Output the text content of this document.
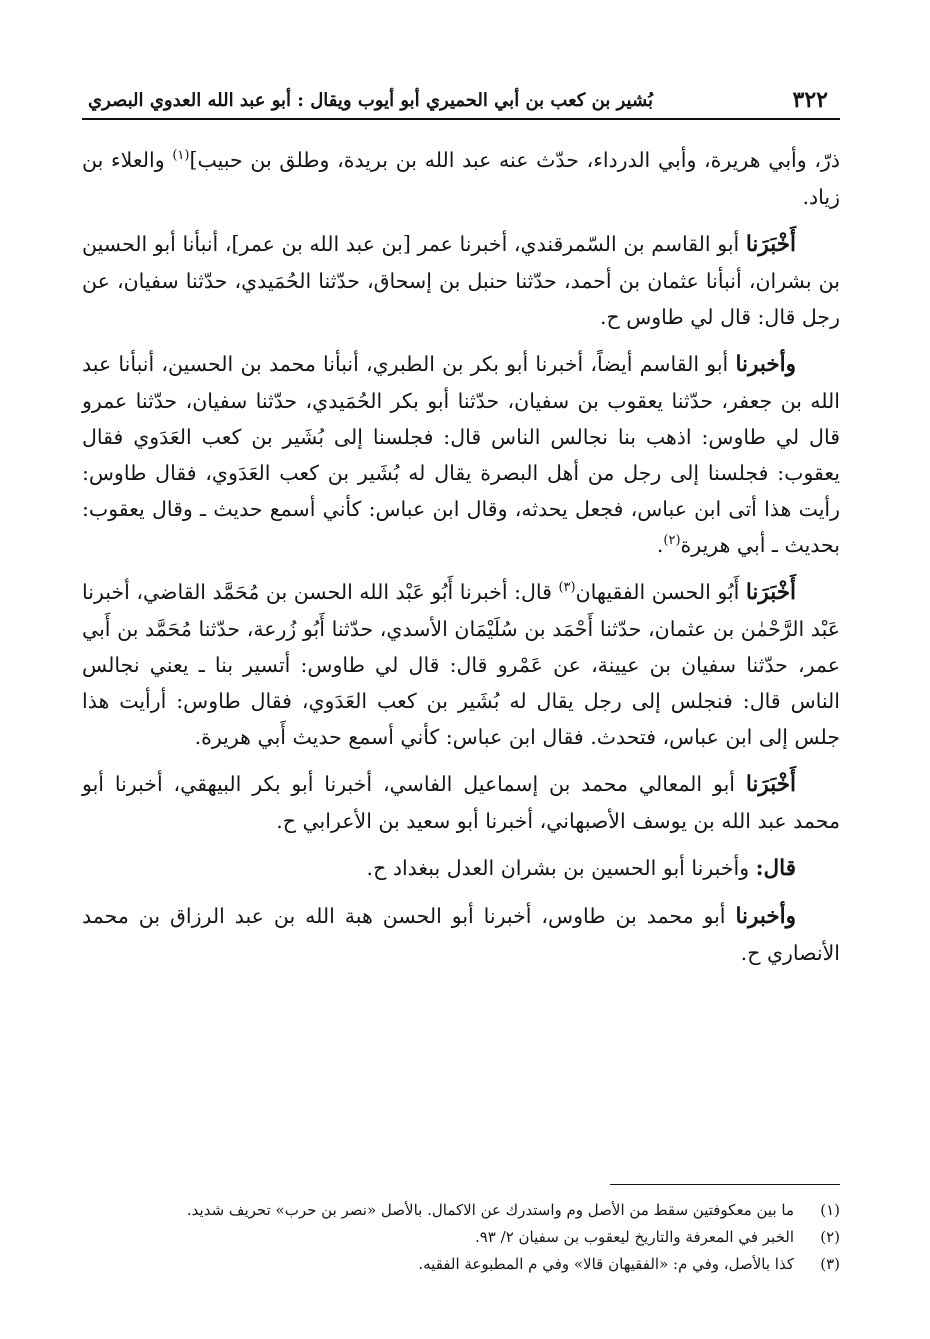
٣٢٢
بُشير بن كعب بن أبي الحميري أبو أيوب ويقال : أبو عبد الله العدوي البصري

ذرّ، وأبي هريرة، وأبي الدرداء، حدّث عنه عبد الله بن بريدة، وطلق بن حبيب]$^{(١)}$ والعلاء بن زياد.

أَخْبَرَنا أبو القاسم بن السّمرقندي، أخبرنا عمر [بن عبد الله بن عمر]، أنبأنا أبو الحسين بن بشران، أنبأنا عثمان بن أحمد، حدّثنا حنبل بن إسحاق، حدّثنا الحُمَيدي، حدّثنا سفيان، عن رجل قال: قال لي طاوس ح.

وأخبرنا أبو القاسم أيضاً، أخبرنا أبو بكر بن الطبري، أنبأنا محمد بن الحسين، أنبأنا عبد الله بن جعفر، حدّثنا يعقوب بن سفيان، حدّثنا أبو بكر الحُمَيدي، حدّثنا سفيان، حدّثنا عمرو قال لي طاوس: اذهب بنا نجالس الناس قال: فجلسنا إلى بُشَير بن كعب العَدَوي فقال يعقوب: فجلسنا إلى رجل من أهل البصرة يقال له بُشَير بن كعب العَدَوي، فقال طاوس: رأيت هذا أتى ابن عباس، فجعل يحدثه، وقال ابن عباس: كأني أسمع حديث ـ وقال يعقوب: بحديث ـ أبي هريرة$^{(٢)}$.

أَخْبَرَنا أَبُو الحسن الفقيهان$^{(٣)}$ قال: أخبرنا أَبُو عَبْد الله الحسن بن مُحَمَّد القاضي، أخبرنا عَبْد الرَّحْمٰن بن عثمان، حدّثنا أَحْمَد بن سُلَيْمَان الأسدي، حدّثنا أَبُو زُرعة، حدّثنا مُحَمَّد بن أَبي عمر، حدّثنا سفيان بن عيينة، عن عَمْرو قال: قال لي طاوس: أتسير بنا ـ يعني نجالس الناس قال: فنجلس إلى رجل يقال له بُشَير بن كعب العَدَوي، فقال طاوس: أرأيت هذا جلس إلى ابن عباس، فتحدث. فقال ابن عباس: كأني أسمع حديث أَبي هريرة.

أَخْبَرَنا أبو المعالي محمد بن إسماعيل الفاسي، أخبرنا أبو بكر البيهقي، أخبرنا أبو محمد عبد الله بن يوسف الأصبهاني، أخبرنا أبو سعيد بن الأعرابي ح.

قال: وأخبرنا أبو الحسين بن بشران العدل ببغداد ح.

وأخبرنا أبو محمد بن طاوس، أخبرنا أبو الحسن هبة الله بن عبد الرزاق بن محمد الأنصاري ح.

(١)
ما بين معكوفتين سقط من الأصل وم واستدرك عن الاكمال. بالأصل «نصر بن حرب» تحريف شديد.
(٢)
الخبر في المعرفة والتاريخ ليعقوب بن سفيان ٢/ ٩٣.
(٣)
كذا بالأصل، وفي م: «الفقيهان قالا» وفي م المطبوعة الفقيه.
